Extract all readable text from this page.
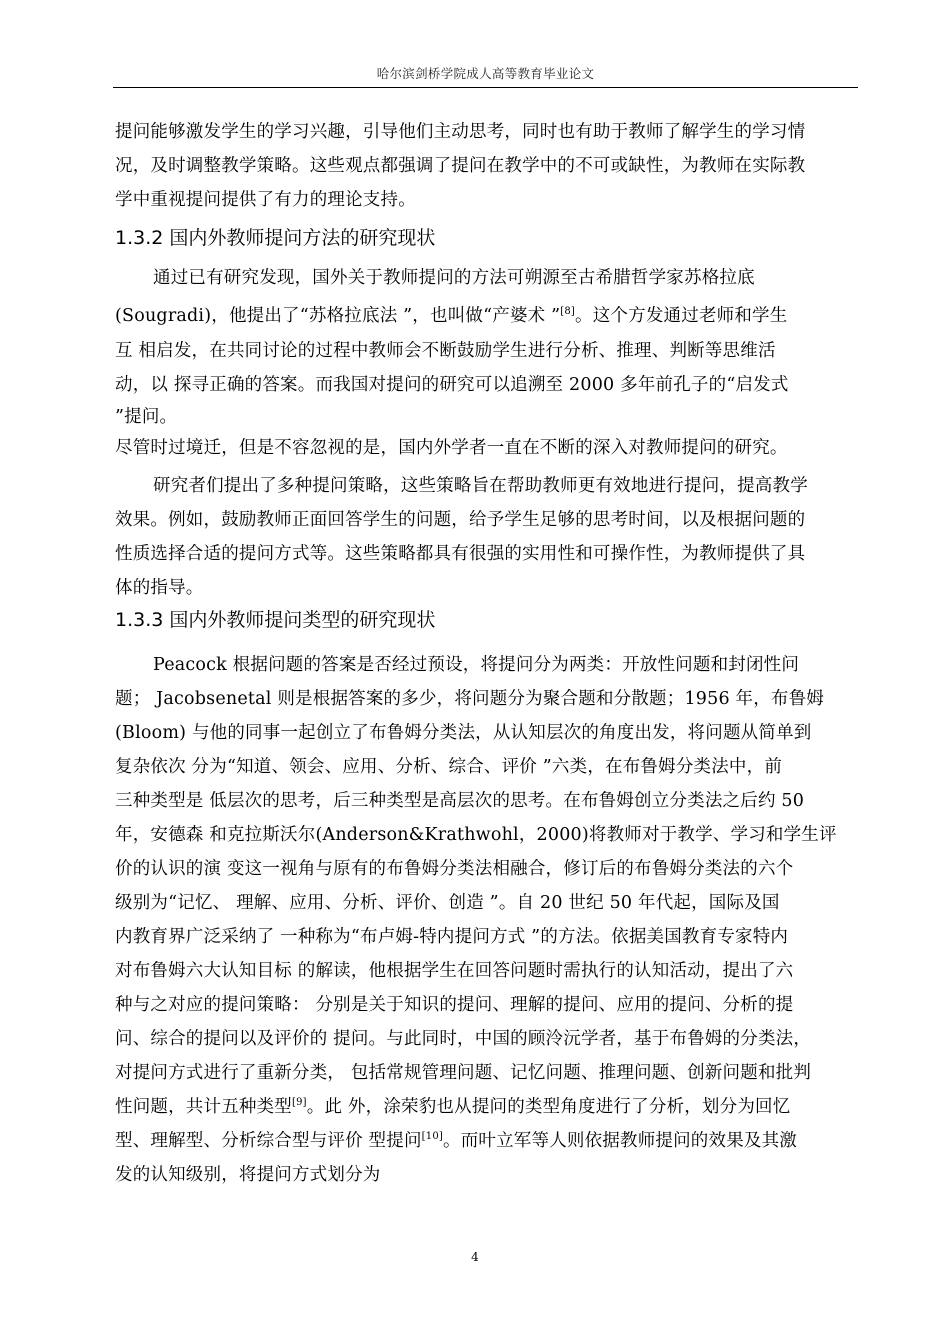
哈尔滨剑桥学院成人高等教育毕业论文
提问能够激发学生的学习兴趣，引导他们主动思考，同时也有助于教师了解学生的学习情
况，及时调整教学策略。这些观点都强调了提问在教学中的不可或缺性，为教师在实际教
学中重视提问提供了有力的理论支持。
1.3.2 国内外教师提问方法的研究现状
通过已有研究发现，国外关于教师提问的方法可朔源至古希腊哲学家苏格拉底
(Sougradi)，他提出了“苏格拉底法 ”，也叫做“产婆术 ”[8]。这个方发通过老师和学生
互 相启发，在共同讨论的过程中教师会不断鼓励学生进行分析、推理、判断等思维活
动，以 探寻正确的答案。而我国对提问的研究可以追溯至 2000 多年前孔子的“启发式
”提问。
尽管时过境迁，但是不容忽视的是，国内外学者一直在不断的深入对教师提问的研究。
研究者们提出了多种提问策略，这些策略旨在帮助教师更有效地进行提问，提高教学
效果。例如，鼓励教师正面回答学生的问题，给予学生足够的思考时间，以及根据问题的
性质选择合适的提问方式等。这些策略都具有很强的实用性和可操作性，为教师提供了具
体的指导。
1.3.3 国内外教师提问类型的研究现状
Peacock 根据问题的答案是否经过预设，将提问分为两类：开放性问题和封闭性问
题； Jacobsenetal 则是根据答案的多少，将问题分为聚合题和分散题；1956 年，布鲁姆
(Bloom) 与他的同事一起创立了布鲁姆分类法，从认知层次的角度出发，将问题从简单到
复杂依次 分为“知道、领会、应用、分析、综合、评价 ”六类，在布鲁姆分类法中，前
三种类型是 低层次的思考，后三种类型是高层次的思考。在布鲁姆创立分类法之后约 50
年，安德森 和克拉斯沃尔(Anderson&Krathwohl，2000)将教师对于教学、学习和学生评
价的认识的演 变这一视角与原有的布鲁姆分类法相融合，修订后的布鲁姆分类法的六个
级别为“记忆、 理解、应用、分析、评价、创造 ”。自 20 世纪 50 年代起，国际及国
内教育界广泛采纳了 一种称为“布卢姆-特内提问方式 ”的方法。依据美国教育专家特内
对布鲁姆六大认知目标 的解读，他根据学生在回答问题时需执行的认知活动，提出了六
种与之对应的提问策略： 分别是关于知识的提问、理解的提问、应用的提问、分析的提
问、综合的提问以及评价的 提问。与此同时，中国的顾泠沅学者，基于布鲁姆的分类法，
对提问方式进行了重新分类， 包括常规管理问题、记忆问题、推理问题、创新问题和批判
性问题，共计五种类型[9]。此 外，涂荣豹也从提问的类型角度进行了分析，划分为回忆
型、理解型、分析综合型与评价 型提问[10]。而叶立军等人则依据教师提问的效果及其激
发的认知级别，将提问方式划分为
4
